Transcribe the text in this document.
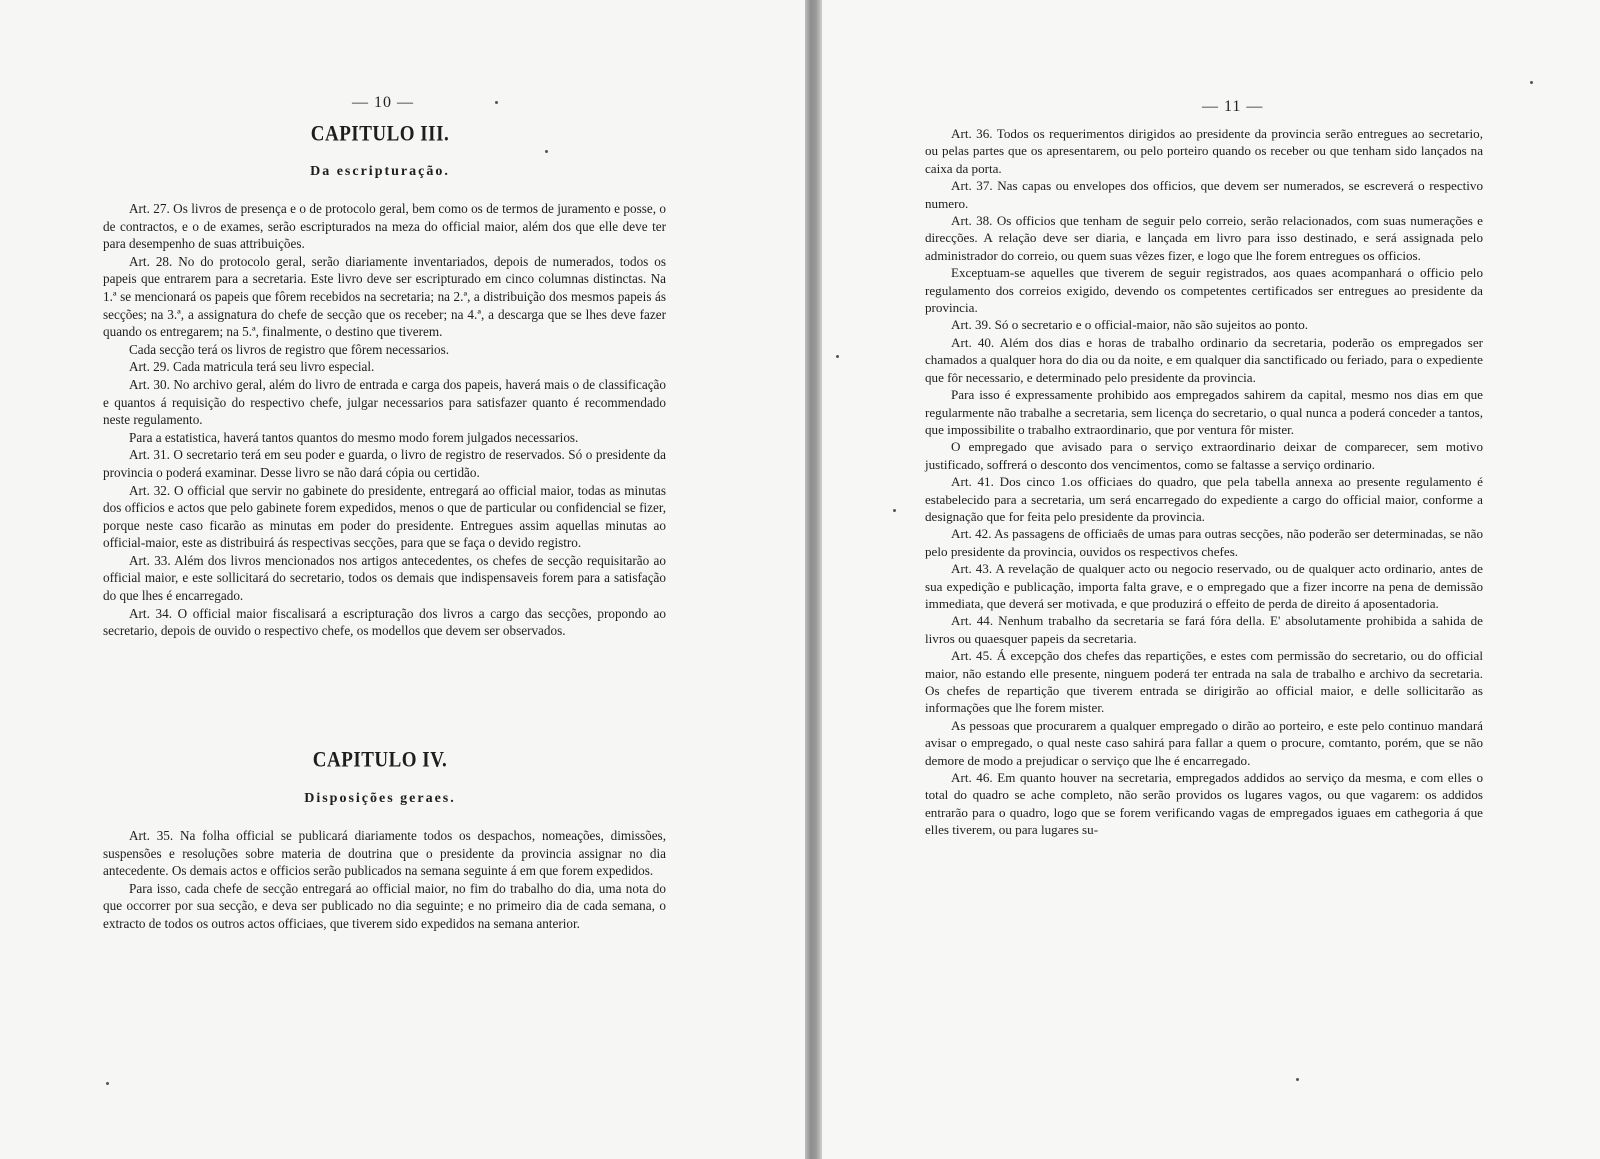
— 10 —
CAPITULO III.
Da escripturação.

Art. 27. Os livros de presença e o de protocolo geral, bem como os de termos de juramento e posse, o de contractos, e o de exames, serão escripturados na meza do official maior, além dos que elle deve ter para desempenho de suas attribuições.

Art. 28. No do protocolo geral, serão diariamente inventariados, depois de numerados, todos os papeis que entrarem para a secretaria. Este livro deve ser escripturado em cinco columnas distinctas. Na 1.ª se mencionará os papeis que fôrem recebidos na secretaria; na 2.ª, a distribuição dos mesmos papeis ás secções; na 3.ª, a assignatura do chefe de secção que os receber; na 4.ª, a descarga que se lhes deve fazer quando os entregarem; na 5.ª, finalmente, o destino que tiverem.

Cada secção terá os livros de registro que fôrem necessarios.

Art. 29. Cada matricula terá seu livro especial.

Art. 30. No archivo geral, além do livro de entrada e carga dos papeis, haverá mais o de classificação e quantos á requisição do respectivo chefe, julgar necessarios para satisfazer quanto é recommendado neste regulamento.

Para a estatistica, haverá tantos quantos do mesmo modo forem julgados necessarios.

Art. 31. O secretario terá em seu poder e guarda, o livro de registro de reservados. Só o presidente da provincia o poderá examinar. Desse livro se não dará cópia ou certidão.

Art. 32. O official que servir no gabinete do presidente, entregará ao official maior, todas as minutas dos officios e actos que pelo gabinete forem expedidos, menos o que de particular ou confidencial se fizer, porque neste caso ficarão as minutas em poder do presidente. Entregues assim aquellas minutas ao official-maior, este as distribuirá ás respectivas secções, para que se faça o devido registro.

Art. 33. Além dos livros mencionados nos artigos antecedentes, os chefes de secção requisitarão ao official maior, e este sollicitará do secretario, todos os demais que indispensaveis forem para a satisfação do que lhes é encarregado.

Art. 34. O official maior fiscalisará a escripturação dos livros a cargo das secções, propondo ao secretario, depois de ouvido o respectivo chefe, os modellos que devem ser observados.

CAPITULO IV.
Disposições geraes.

Art. 35. Na folha official se publicará diariamente todos os despachos, nomeações, dimissões, suspensões e resoluções sobre materia de doutrina que o presidente da provincia assignar no dia antecedente. Os demais actos e officios serão publicados na semana seguinte á em que forem expedidos.

Para isso, cada chefe de secção entregará ao official maior, no fim do trabalho do dia, uma nota do que occorrer por sua secção, e deva ser publicado no dia seguinte; e no primeiro dia de cada semana, o extracto de todos os outros actos officiaes, que tiverem sido expedidos na semana anterior.

— 11 —

Art. 36. Todos os requerimentos dirigidos ao presidente da provincia serão entregues ao secretario, ou pelas partes que os apresentarem, ou pelo porteiro quando os receber ou que tenham sido lançados na caixa da porta.

Art. 37. Nas capas ou envelopes dos officios, que devem ser numerados, se escreverá o respectivo numero.

Art. 38. Os officios que tenham de seguir pelo correio, serão relacionados, com suas numerações e direcções. A relação deve ser diaria, e lançada em livro para isso destinado, e será assignada pelo administrador do correio, ou quem suas vêzes fizer, e logo que lhe forem entregues os officios.

Exceptuam-se aquelles que tiverem de seguir registrados, aos quaes acompanhará o officio pelo regulamento dos correios exigido, devendo os competentes certificados ser entregues ao presidente da provincia.

Art. 39. Só o secretario e o official-maior, não são sujeitos ao ponto.

Art. 40. Além dos dias e horas de trabalho ordinario da secretaria, poderão os empregados ser chamados a qualquer hora do dia ou da noite, e em qualquer dia sanctificado ou feriado, para o expediente que fôr necessario, e determinado pelo presidente da provincia.

Para isso é expressamente prohibido aos empregados sahirem da capital, mesmo nos dias em que regularmente não trabalhe a secretaria, sem licença do secretario, o qual nunca a poderá conceder a tantos, que impossibilite o trabalho extraordinario, que por ventura fôr mister.

O empregado que avisado para o serviço extraordinario deixar de comparecer, sem motivo justificado, soffrerá o desconto dos vencimentos, como se faltasse a serviço ordinario.

Art. 41. Dos cinco 1.os officiaes do quadro, que pela tabella annexa ao presente regulamento é estabelecido para a secretaria, um será encarregado do expediente a cargo do official maior, conforme a designação que for feita pelo presidente da provincia.

Art. 42. As passagens de officiaês de umas para outras secções, não poderão ser determinadas, se não pelo presidente da provincia, ouvidos os respectivos chefes.

Art. 43. A revelação de qualquer acto ou negocio reservado, ou de qualquer acto ordinario, antes de sua expedição e publicação, importa falta grave, e o empregado que a fizer incorre na pena de demissão immediata, que deverá ser motivada, e que produzirá o effeito de perda de direito á aposentadoria.

Art. 44. Nenhum trabalho da secretaria se fará fóra della. E' absolutamente prohibida a sahida de livros ou quaesquer papeis da secretaria.

Art. 45. Á excepção dos chefes das repartições, e estes com permissão do secretario, ou do official maior, não estando elle presente, ninguem poderá ter entrada na sala de trabalho e archivo da secretaria. Os chefes de repartição que tiverem entrada se dirigirão ao official maior, e delle sollicitarão as informações que lhe forem mister.

As pessoas que procurarem a qualquer empregado o dirão ao porteiro, e este pelo continuo mandará avisar o empregado, o qual neste caso sahirá para fallar a quem o procure, comtanto, porém, que se não demore de modo a prejudicar o serviço que lhe é encarregado.

Art. 46. Em quanto houver na secretaria, empregados addidos ao serviço da mesma, e com elles o total do quadro se ache completo, não serão providos os lugares vagos, ou que vagarem: os addidos entrarão para o quadro, logo que se forem verificando vagas de empregados iguaes em cathegoria á que elles tiverem, ou para lugares su-
